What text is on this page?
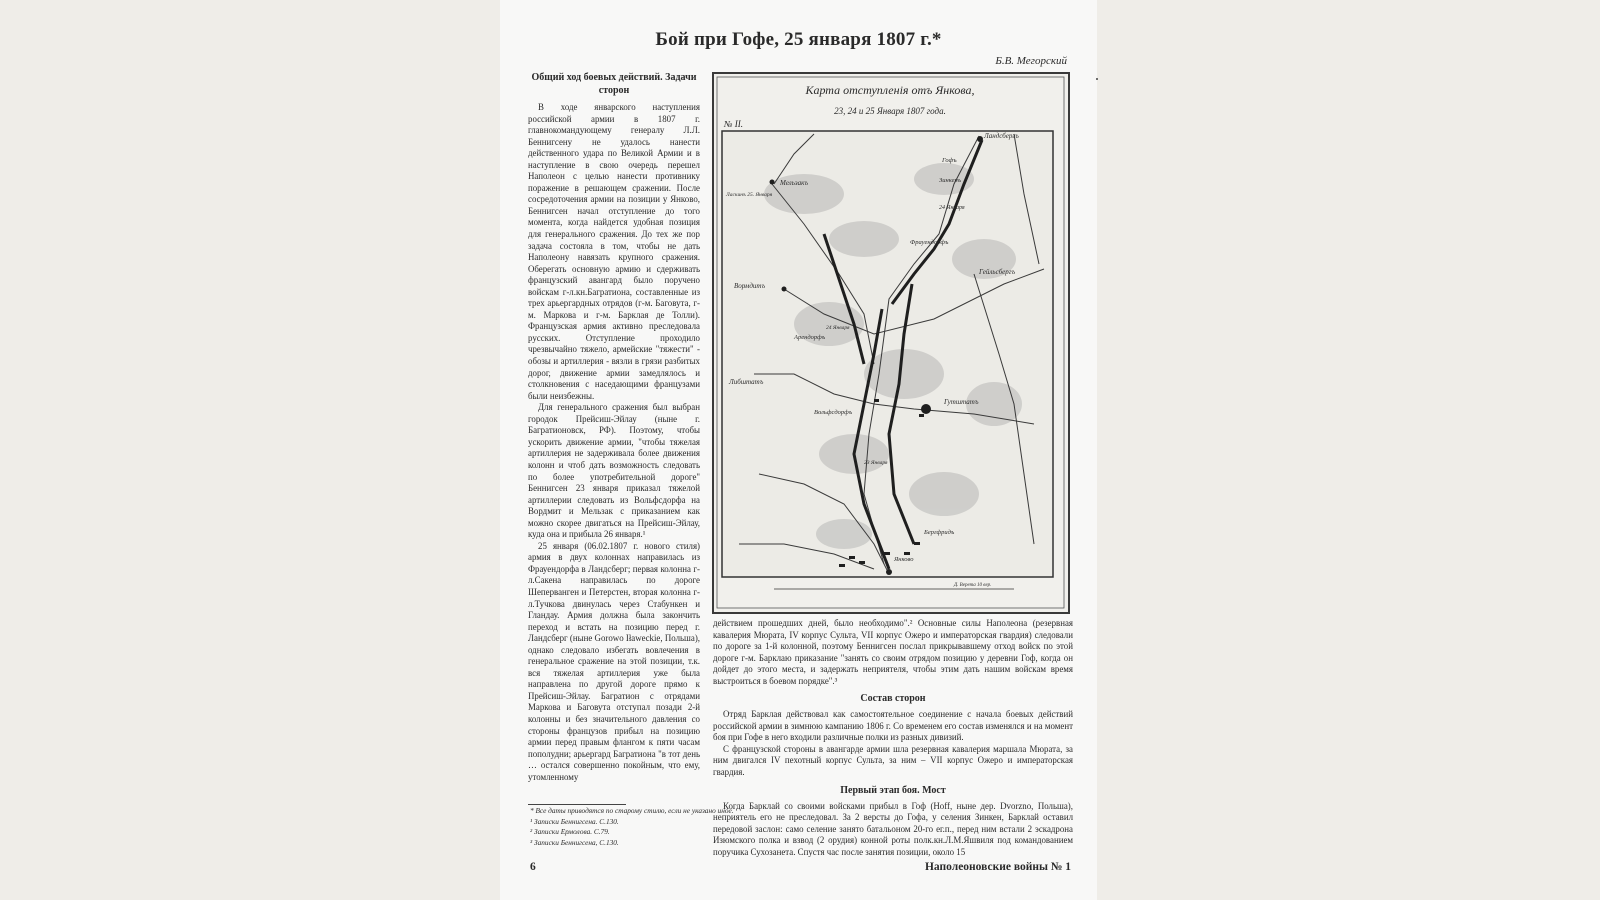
Бой при Гофе, 25 января 1807 г.*
Б.В. Мегорский
Общий ход боевых действий. Задачи сторон

В ходе январского наступления российской армии в 1807 г. главнокомандующему генералу Л.Л. Беннигсену не удалось нанести действенного удара по Великой Армии и в наступление в свою очередь перешел Наполеон с целью нанести противнику поражение в решающем сражении. После сосредоточения армии на позиции у Янково, Беннигсен начал отступление до того момента, когда найдется удобная позиция для генерального сражения. До тех же пор задача состояла в том, чтобы не дать Наполеону навязать крупного сражения. Оберегать основную армию и сдерживать французский авангард было поручено войскам г-л.кн.Багратиона, составленные из трех арьергардных отрядов (г-м. Баговута, г-м. Маркова и г-м. Барклая де Толли). Французская армия активно преследовала русских. Отступление проходило чрезвычайно тяжело, армейские "тяжести" - обозы и артиллерия - вязли в грязи разбитых дорог, движение армии замедлялось и столкновения с наседающими французами были неизбежны.

Для генерального сражения был выбран городок Прейсиш-Эйлау (ныне г. Багратионовск, РФ). Поэтому, чтобы ускорить движение армии, "чтобы тяжелая артиллерия не задерживала более движения колонн и чтоб дать возможность следовать по более употребительной дороге" Беннигсен 23 января приказал тяжелой артиллерии следовать из Вольфсдорфа на Вордмит и Мельзак с приказанием как можно скорее двигаться на Прейсиш-Эйлау, куда она и прибыла 26 января.¹

25 января (06.02.1807 г. нового стиля) армия в двух колоннах направилась из Фрауендорфа в Ландсберг; первая колонна г-л.Сакена направилась по дороге Шеперванген и Петерстен, вторая колонна г-л.Тучкова двинулась через Стабункен и Гландау. Армия должна была закончить переход и встать на позицию перед г. Ландсберг (ныне Gorowo Iławeckie, Польша), однако следовало избегать вовлечения в генеральное сражение на этой позиции, т.к. вся тяжелая артиллерия уже была направлена по другой дороге прямо к Прейсиш-Эйлау. Багратион с отрядами Маркова и Баговута отступал позади 2-й колонны и без значительного давления со стороны французов прибыл на позицию армии перед правым флангом к пяти часам пополудни; арьергард Багратиона "в тот день … остался совершенно покойным, что ему, утомленному

* Все даты приводятся по старому стилю, если не указано иное.
¹ Записки Беннигсена. С.130.
² Записки Ермолова. С.79.
³ Записки Беннигсена, С.130.
Карта отступленія отъ Янкова,
23, 24 и 25 Января 1807 года.
№ II.
Ландсбергъ
Мельзакъ
Гофъ
Зинкенъ
Ласкинъ 25. Января
24 Января
Фрауендорфъ
Гейльсбергъ
Вормдитъ
Арендорфъ
Либштатъ
Гутштатъ
Вольфсдорфъ
Бергфридъ
Янково
24 Января
23 Января
Д. Верета 10 вер.

действием прошедших дней, было необходимо".² Основные силы Наполеона (резервная кавалерия Мюрата, IV корпус Сульта, VII корпус Ожеро и императорская гвардия) следовали по дороге за 1-й колонной, поэтому Беннигсен послал прикрывавшему отход войск по этой дороге г-м. Барклаю приказание "занять со своим отрядом позицию у деревни Гоф, когда он дойдет до этого места, и задержать неприятеля, чтобы этим дать нашим войскам время выстроиться в боевом порядке".³

Состав сторон

Отряд Барклая действовал как самостоятельное соединение с начала боевых действий российской армии в зимнюю кампанию 1806 г. Со временем его состав изменялся и на момент боя при Гофе в него входили различные полки из разных дивизий.

С французской стороны в авангарде армии шла резервная кавалерия маршала Мюрата, за ним двигался IV пехотный корпус Сульта, за ним – VII корпус Ожеро и императорская гвардия.

Первый этап боя. Мост

Когда Барклай со своими войсками прибыл в Гоф (Hoff, ныне дер. Dvorzno, Польша), неприятель его не преследовал. За 2 версты до Гофа, у селения Зинкен, Барклай оставил передовой заслон: само селение занято батальоном 20-го ег.п., перед ним встали 2 эскадрона Изюмского полка и взвод (2 орудия) конной роты полк.кн.Л.М.Яшвиля под командованием поручика Сухозанета. Спустя час после занятия позиции, около 15

6	Наполеоновские войны № 1
